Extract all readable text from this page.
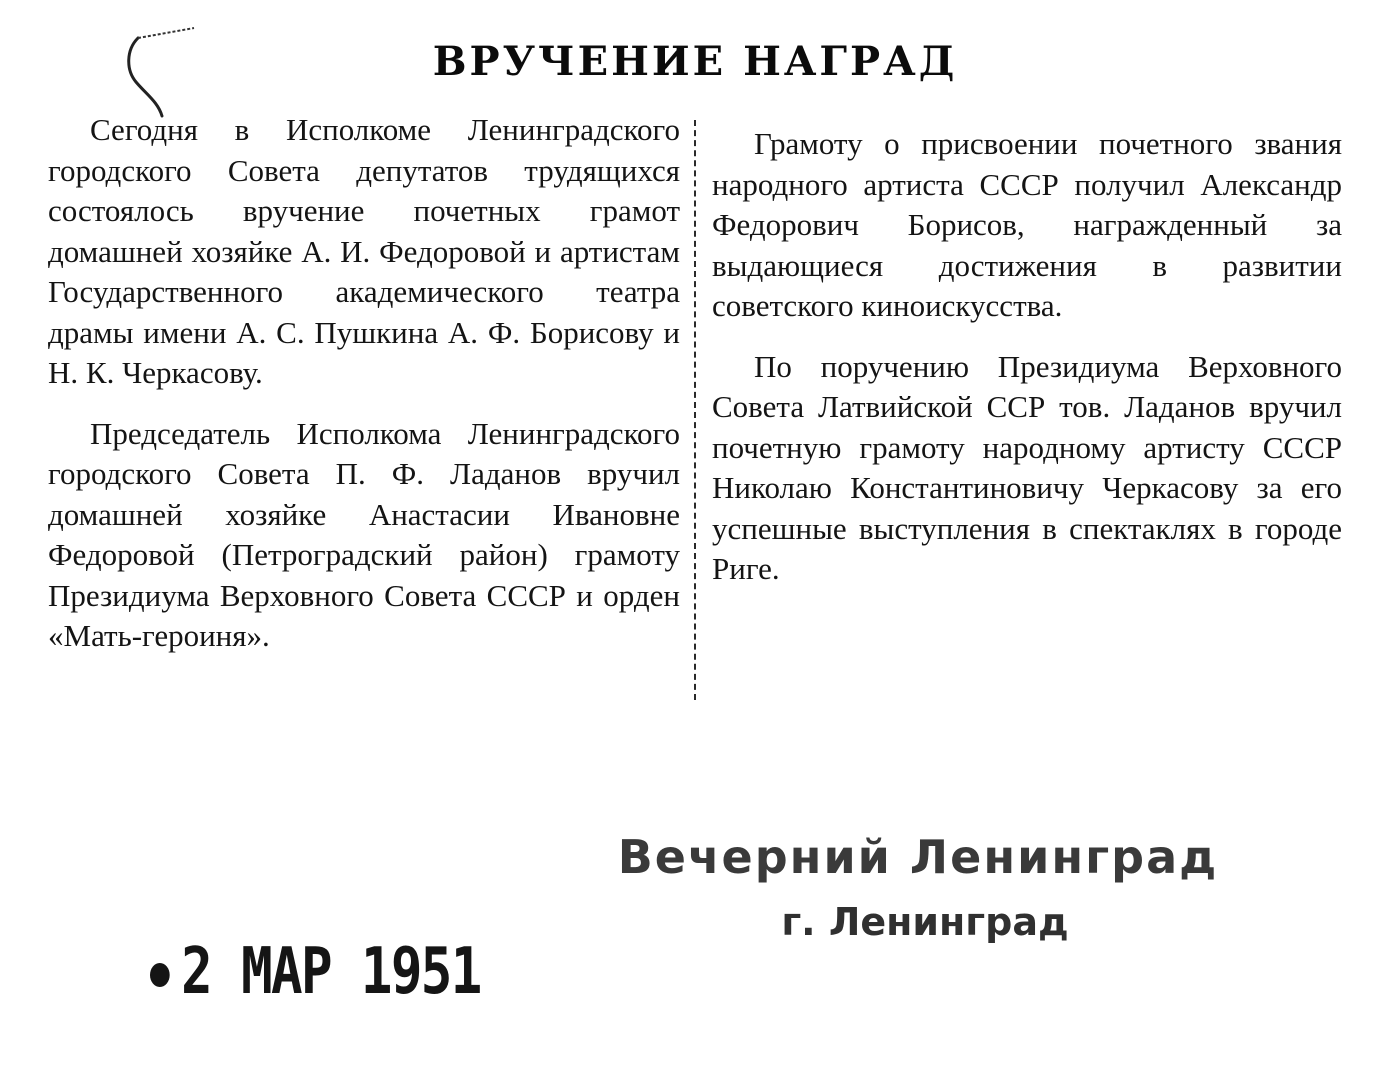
ВРУЧЕНИЕ НАГРАД

Сегодня в Исполкоме Ленинградского городского Совета депутатов трудящихся состоялось вручение почетных грамот домашней хозяйке А. И. Федоровой и артистам Государственного академического театра драмы имени А. С. Пушкина А. Ф. Борисову и Н. К. Черкасову.

Председатель Исполкома Ленинградского городского Совета П. Ф. Ладанов вручил домашней хозяйке Анастасии Ивановне Федоровой (Петроградский район) грамоту Президиума Верховного Совета СССР и орден «Мать-героиня».

Грамоту о присвоении почетного звания народного артиста СССР получил Александр Федорович Борисов, награжденный за выдающиеся достижения в развитии советского киноискусства.

По поручению Президиума Верховного Совета Латвийской ССР тов. Ладанов вручил почетную грамоту народному артисту СССР Николаю Константиновичу Черкасову за его успешные выступления в спектаклях в городе Риге.

Вечерний Ленинград
г. Ленинград
2 МАР 1951
